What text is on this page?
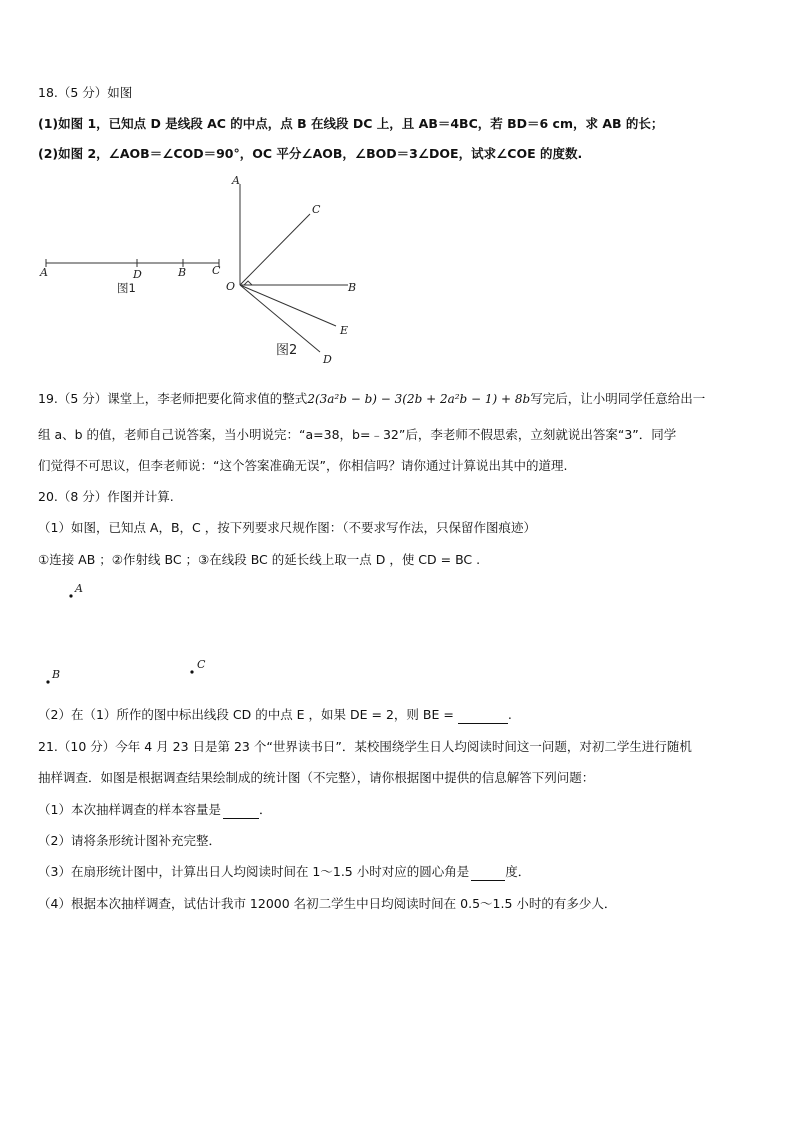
18.（5 分）如图
(1)如图 1，已知点 D 是线段 AC 的中点，点 B 在线段 DC 上，且 AB＝4BC，若 BD＝6 cm，求 AB 的长；
(2)如图 2，∠AOB＝∠COD＝90°，OC 平分∠AOB，∠BOD＝3∠DOE，试求∠COE 的度数.
A	D	B C
图1
A
C
O	B
E
D
图2
19.（5 分）课堂上，李老师把要化简求值的整式2(3a²b − b) − 3(2b + 2a²b − 1) + 8b写完后，让小明同学任意给出一
组 a、b 的值，老师自己说答案，当小明说完：“a=38，b=﹣32”后，李老师不假思索，立刻就说出答案“3”．同学
们觉得不可思议，但李老师说：“这个答案准确无误”，你相信吗？请你通过计算说出其中的道理.
20.（8 分）作图并计算.
（1）如图，已知点 A，B，C ，按下列要求尺规作图：（不要求写作法，只保留作图痕迹）
①连接 AB ；②作射线 BC ；③在线段 BC 的延长线上取一点 D ，使 CD = BC .
A
B
C
（2）在（1）所作的图中标出线段 CD 的中点 E ，如果 DE = 2，则 BE =	.
21.（10 分）今年 4 月 23 日是第 23 个“世界读书日”．某校围绕学生日人均阅读时间这一问题，对初二学生进行随机
抽样调查．如图是根据调查结果绘制成的统计图（不完整），请你根据图中提供的信息解答下列问题：
（1）本次抽样调查的样本容量是	．
（2）请将条形统计图补充完整．
（3）在扇形统计图中，计算出日人均阅读时间在 1～1.5 小时对应的圆心角是	度．
（4）根据本次抽样调查，试估计我市 12000 名初二学生中日均阅读时间在 0.5～1.5 小时的有多少人．
